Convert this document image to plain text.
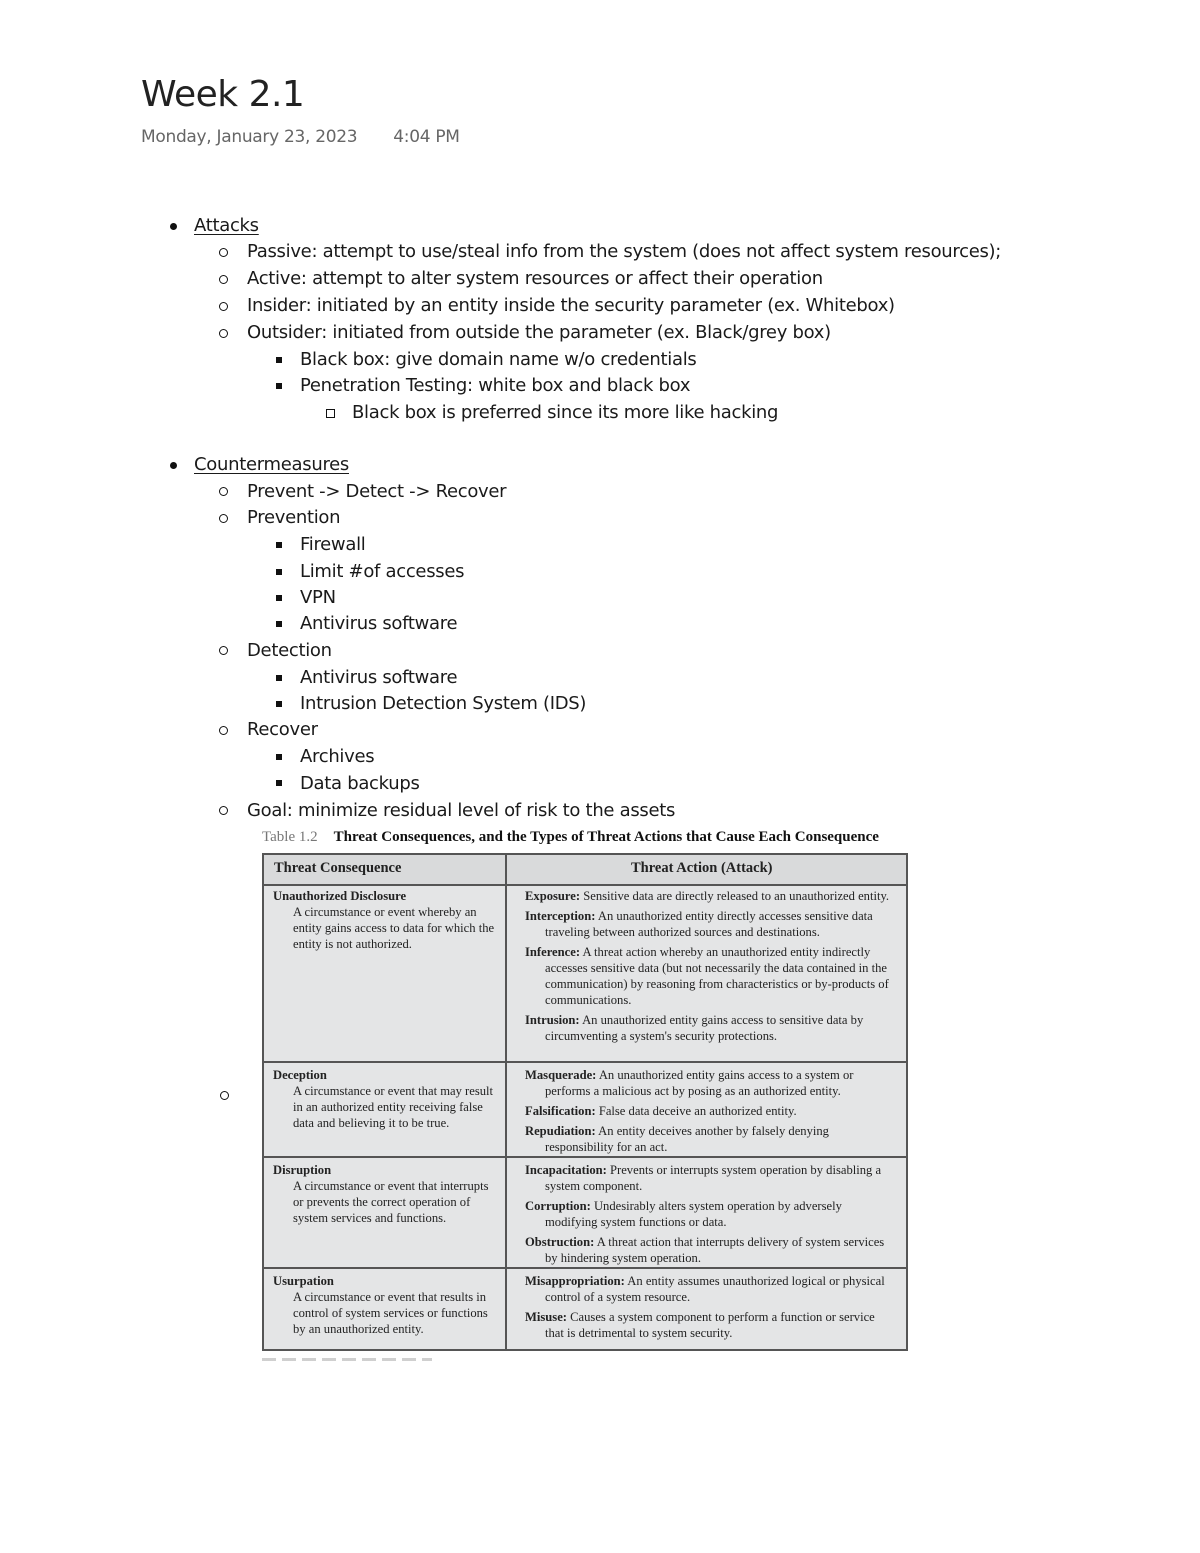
Week 2.1
Monday, January 23, 2023 4:04 PM
Attacks
Passive: attempt to use/steal info from the system (does not affect system resources);
Active: attempt to alter system resources or affect their operation
Insider: initiated by an entity inside the security parameter (ex. Whitebox)
Outsider: initiated from outside the parameter (ex. Black/grey box)
Black box: give domain name w/o credentials
Penetration Testing: white box and black box
Black box is preferred since its more like hacking
Countermeasures
Prevent -> Detect -> Recover
Prevention
Firewall
Limit #of accesses
VPN
Antivirus software
Detection
Antivirus software
Intrusion Detection System (IDS)
Recover
Archives
Data backups
Goal: minimize residual level of risk to the assets
Table 1.2 Threat Consequences, and the Types of Threat Actions that Cause Each Consequence
Threat Consequence	Threat Action (Attack)
Unauthorized Disclosure
A circumstance or event whereby an entity gains access to data for which the entity is not authorized.
Exposure: Sensitive data are directly released to an unauthorized entity.
Interception: An unauthorized entity directly accesses sensitive data traveling between authorized sources and destinations.
Inference: A threat action whereby an unauthorized entity indirectly accesses sensitive data (but not necessarily the data contained in the communication) by reasoning from characteristics or by-products of communications.
Intrusion: An unauthorized entity gains access to sensitive data by circumventing a system's security protections.
Deception
A circumstance or event that may result in an authorized entity receiving false data and believing it to be true.
Masquerade: An unauthorized entity gains access to a system or performs a malicious act by posing as an authorized entity.
Falsification: False data deceive an authorized entity.
Repudiation: An entity deceives another by falsely denying responsibility for an act.
Disruption
A circumstance or event that interrupts or prevents the correct operation of system services and functions.
Incapacitation: Prevents or interrupts system operation by disabling a system component.
Corruption: Undesirably alters system operation by adversely modifying system functions or data.
Obstruction: A threat action that interrupts delivery of system services by hindering system operation.
Usurpation
A circumstance or event that results in control of system services or functions by an unauthorized entity.
Misappropriation: An entity assumes unauthorized logical or physical control of a system resource.
Misuse: Causes a system component to perform a function or service that is detrimental to system security.
